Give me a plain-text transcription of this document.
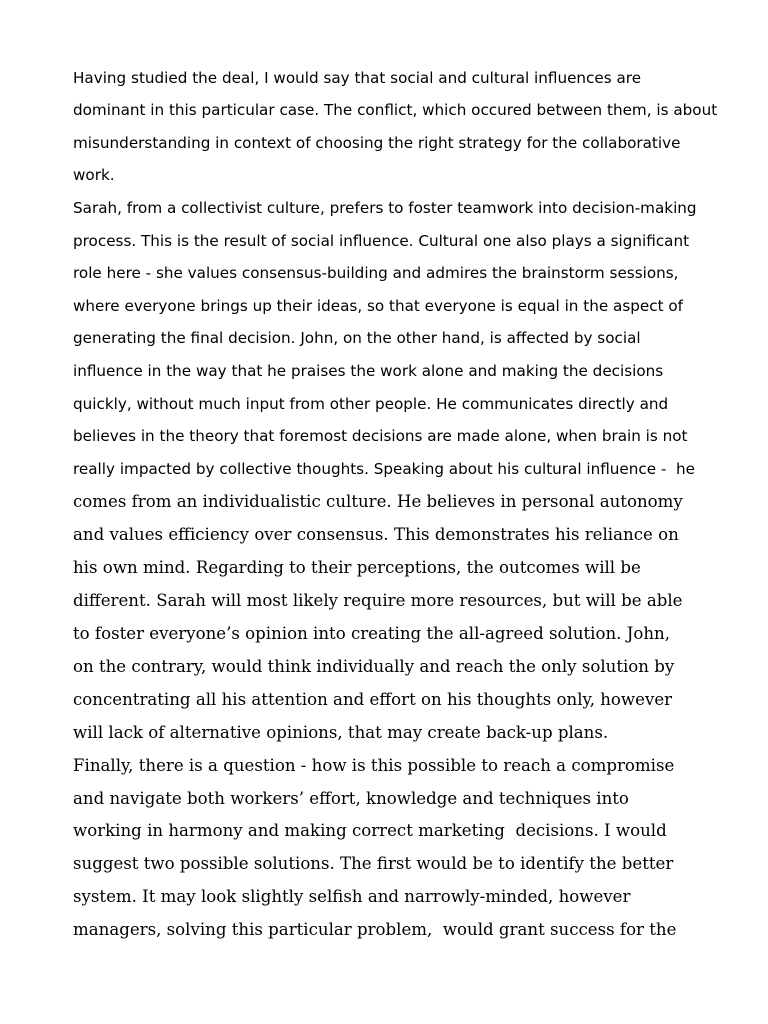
Having studied the deal, I would say that social and cultural influences are

dominant in this particular case. The conflict, which occured between them, is about

misunderstanding in context of choosing the right strategy for the collaborative

work.

Sarah, from a collectivist culture, prefers to foster teamwork into decision-making

process. This is the result of social influence. Cultural one also plays a significant

role here - she values consensus-building and admires the brainstorm sessions,

where everyone brings up their ideas, so that everyone is equal in the aspect of

generating the final decision. John, on the other hand, is affected by social

influence in the way that he praises the work alone and making the decisions

quickly, without much input from other people. He communicates directly and

believes in the theory that foremost decisions are made alone, when brain is not

really impacted by collective thoughts. Speaking about his cultural influence -  he

comes from an individualistic culture. He believes in personal autonomy

and values efficiency over consensus. This demonstrates his reliance on

his own mind. Regarding to their perceptions, the outcomes will be

different. Sarah will most likely require more resources, but will be able

to foster everyone’s opinion into creating the all-agreed solution. John,

on the contrary, would think individually and reach the only solution by

concentrating all his attention and effort on his thoughts only, however

will lack of alternative opinions, that may create back-up plans.

Finally, there is a question - how is this possible to reach a compromise

and navigate both workers’ effort, knowledge and techniques into

working in harmony and making correct marketing  decisions. I would

suggest two possible solutions. The first would be to identify the better

system. It may look slightly selfish and narrowly-minded, however

managers, solving this particular problem,  would grant success for the
